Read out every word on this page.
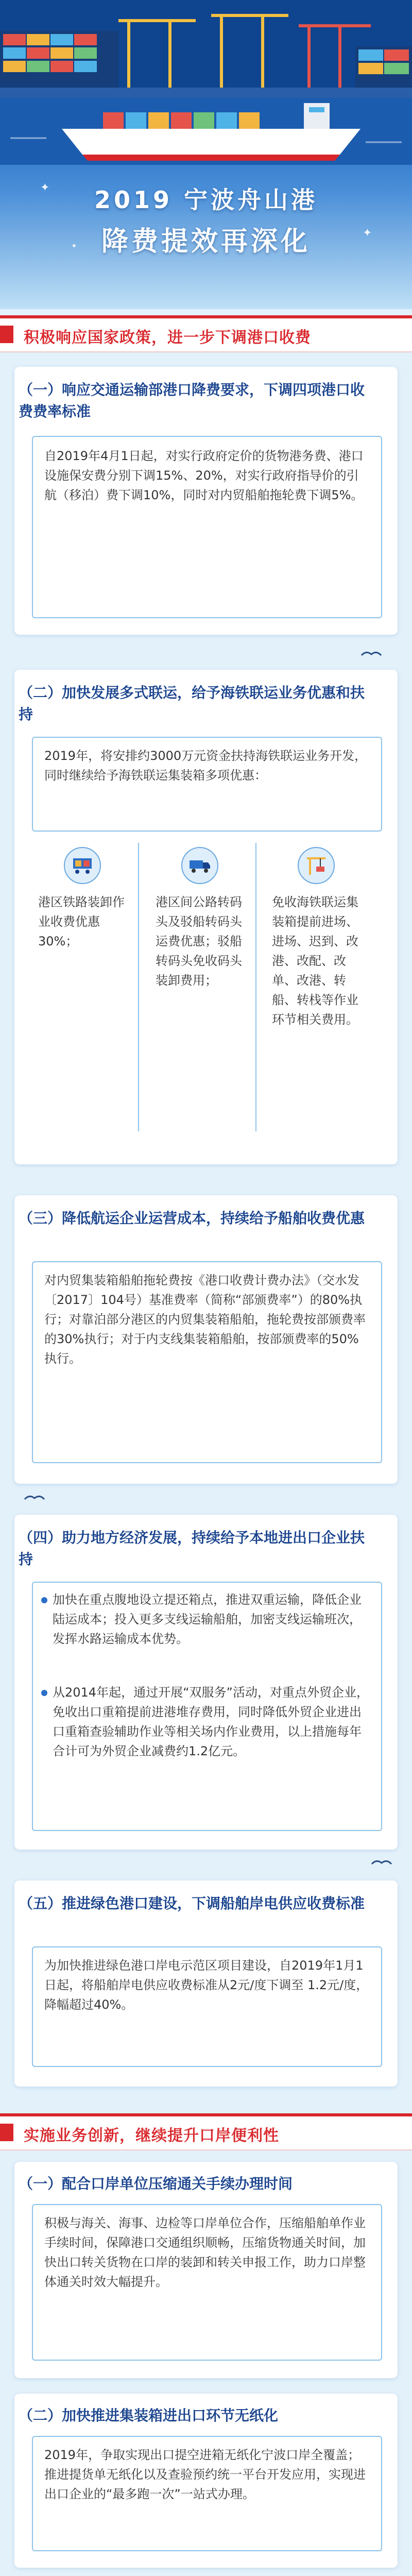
✦
✦
✦
2019 宁波舟山港
降费提效再深化
积极响应国家政策，进一步下调港口收费
（一）响应交通运输部港口降费要求，下调四项港口收费费率标准
自2019年4月1日起，对实行政府定价的货物港务费、港口设施保安费分别下调15%、20%，对实行政府指导价的引航（移泊）费下调10%，同时对内贸船舶拖轮费下调5%。
（二）加快发展多式联运，给予海铁联运业务优惠和扶持
2019年，将安排约3000万元资金扶持海铁联运业务开发，同时继续给予海铁联运集装箱多项优惠：
港区铁路装卸作业收费优惠30%；
港区间公路转码头及驳船转码头运费优惠；驳船转码头免收码头装卸费用；
免收海铁联运集装箱提前进场、进场、迟到、改港、改配、改单、改港、转船、转栈等作业环节相关费用。
（三）降低航运企业运营成本，持续给予船舶收费优惠
对内贸集装箱船舶拖轮费按《港口收费计费办法》（交水发〔2017〕104号）基准费率（简称“部颁费率”）的80%执行；对靠泊部分港区的内贸集装箱船舶，拖轮费按部颁费率的30%执行；对于内支线集装箱船舶，按部颁费率的50%执行。
（四）助力地方经济发展，持续给予本地进出口企业扶持
加快在重点腹地设立提还箱点，推进双重运输，降低企业陆运成本；投入更多支线运输船舶，加密支线运输班次，发挥水路运输成本优势。
从2014年起，通过开展“双服务”活动，对重点外贸企业，免收出口重箱提前进港堆存费用，同时降低外贸企业进出口重箱查验辅助作业等相关场内作业费用，以上措施每年合计可为外贸企业减费约1.2亿元。
（五）推进绿色港口建设，下调船舶岸电供应收费标准
为加快推进绿色港口岸电示范区项目建设，自2019年1月1日起，将船舶岸电供应收费标准从2元/度下调至 1.2元/度，降幅超过40%。
实施业务创新，继续提升口岸便利性
（一）配合口岸单位压缩通关手续办理时间
积极与海关、海事、边检等口岸单位合作，压缩船舶单作业手续时间，保障港口交通组织顺畅，压缩货物通关时间，加快出口转关货物在口岸的装卸和转关申报工作，助力口岸整体通关时效大幅提升。
（二）加快推进集装箱进出口环节无纸化
2019年，争取实现出口提空进箱无纸化宁波口岸全覆盖；推进提货单无纸化以及查验预约统一平台开发应用，实现进出口企业的“最多跑一次”一站式办理。
